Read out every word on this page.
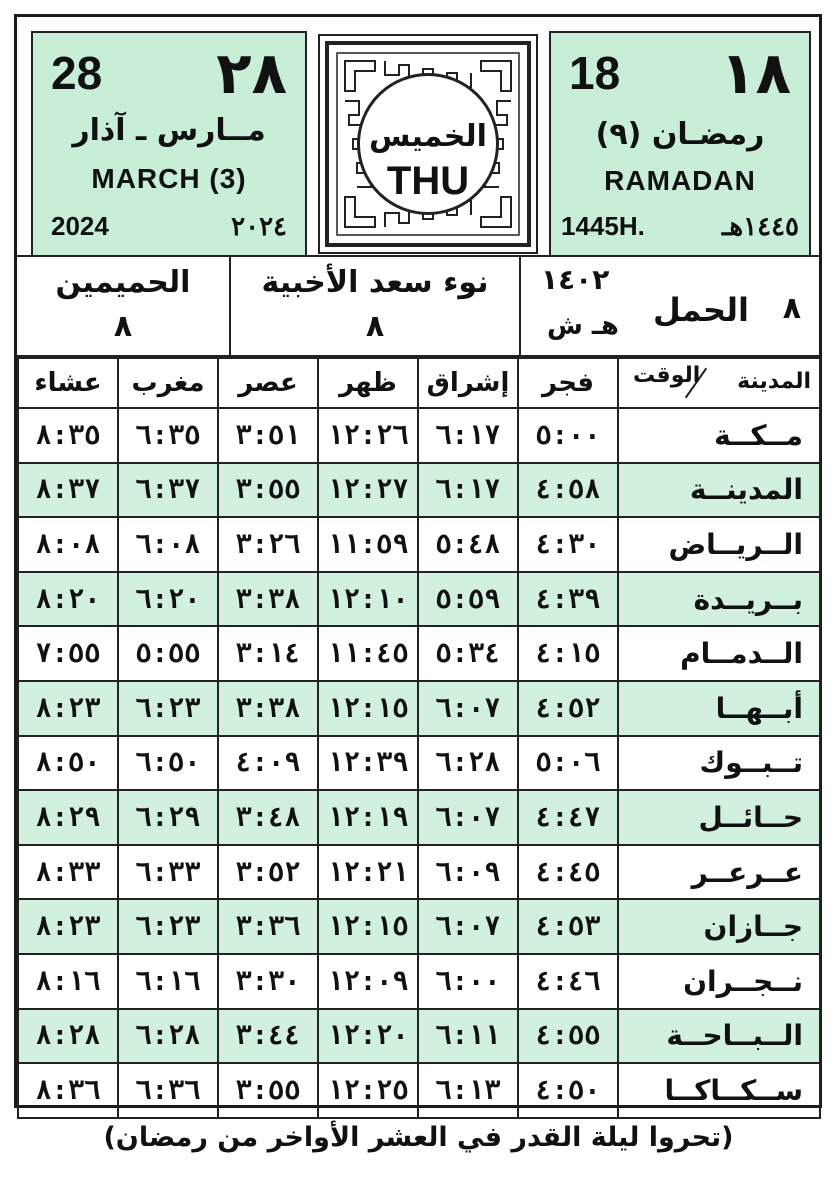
28 ٢٨
مــارس ـ آذار
MARCH (3)
2024	٢٠٢٤
الخميس
THU
18 ١٨
رمضـان (٩)
RAMADAN
1445H.	١٤٤٥هـ
٨
الحمل
١٤٠٢
هـ ش
نوء سعد الأخبية
٨
الحميمين
٨
المدينة
الوقت	فجر	إشراق	ظهر	عصر	مغرب	عشاء
مــكــة	٥:٠٠	٦:١٧	١٢:٢٦	٣:٥١	٦:٣٥	٨:٣٥
المدينــة	٤:٥٨	٦:١٧	١٢:٢٧	٣:٥٥	٦:٣٧	٨:٣٧
الــريــاض	٤:٣٠	٥:٤٨	١١:٥٩	٣:٢٦	٦:٠٨	٨:٠٨
بــريــدة	٤:٣٩	٥:٥٩	١٢:١٠	٣:٣٨	٦:٢٠	٨:٢٠
الــدمــام	٤:١٥	٥:٣٤	١١:٤٥	٣:١٤	٥:٥٥	٧:٥٥
أبــهــا	٤:٥٢	٦:٠٧	١٢:١٥	٣:٣٨	٦:٢٣	٨:٢٣
تــبــوك	٥:٠٦	٦:٢٨	١٢:٣٩	٤:٠٩	٦:٥٠	٨:٥٠
حــائــل	٤:٤٧	٦:٠٧	١٢:١٩	٣:٤٨	٦:٢٩	٨:٢٩
عــرعــر	٤:٤٥	٦:٠٩	١٢:٢١	٣:٥٢	٦:٣٣	٨:٣٣
جــازان	٤:٥٣	٦:٠٧	١٢:١٥	٣:٣٦	٦:٢٣	٨:٢٣
نــجــران	٤:٤٦	٦:٠٠	١٢:٠٩	٣:٣٠	٦:١٦	٨:١٦
الــبــاحــة	٤:٥٥	٦:١١	١٢:٢٠	٣:٤٤	٦:٢٨	٨:٢٨
ســكــاكــا	٤:٥٠	٦:١٣	١٢:٢٥	٣:٥٥	٦:٣٦	٨:٣٦
(تحروا ليلة القدر في العشر الأواخر من رمضان)
